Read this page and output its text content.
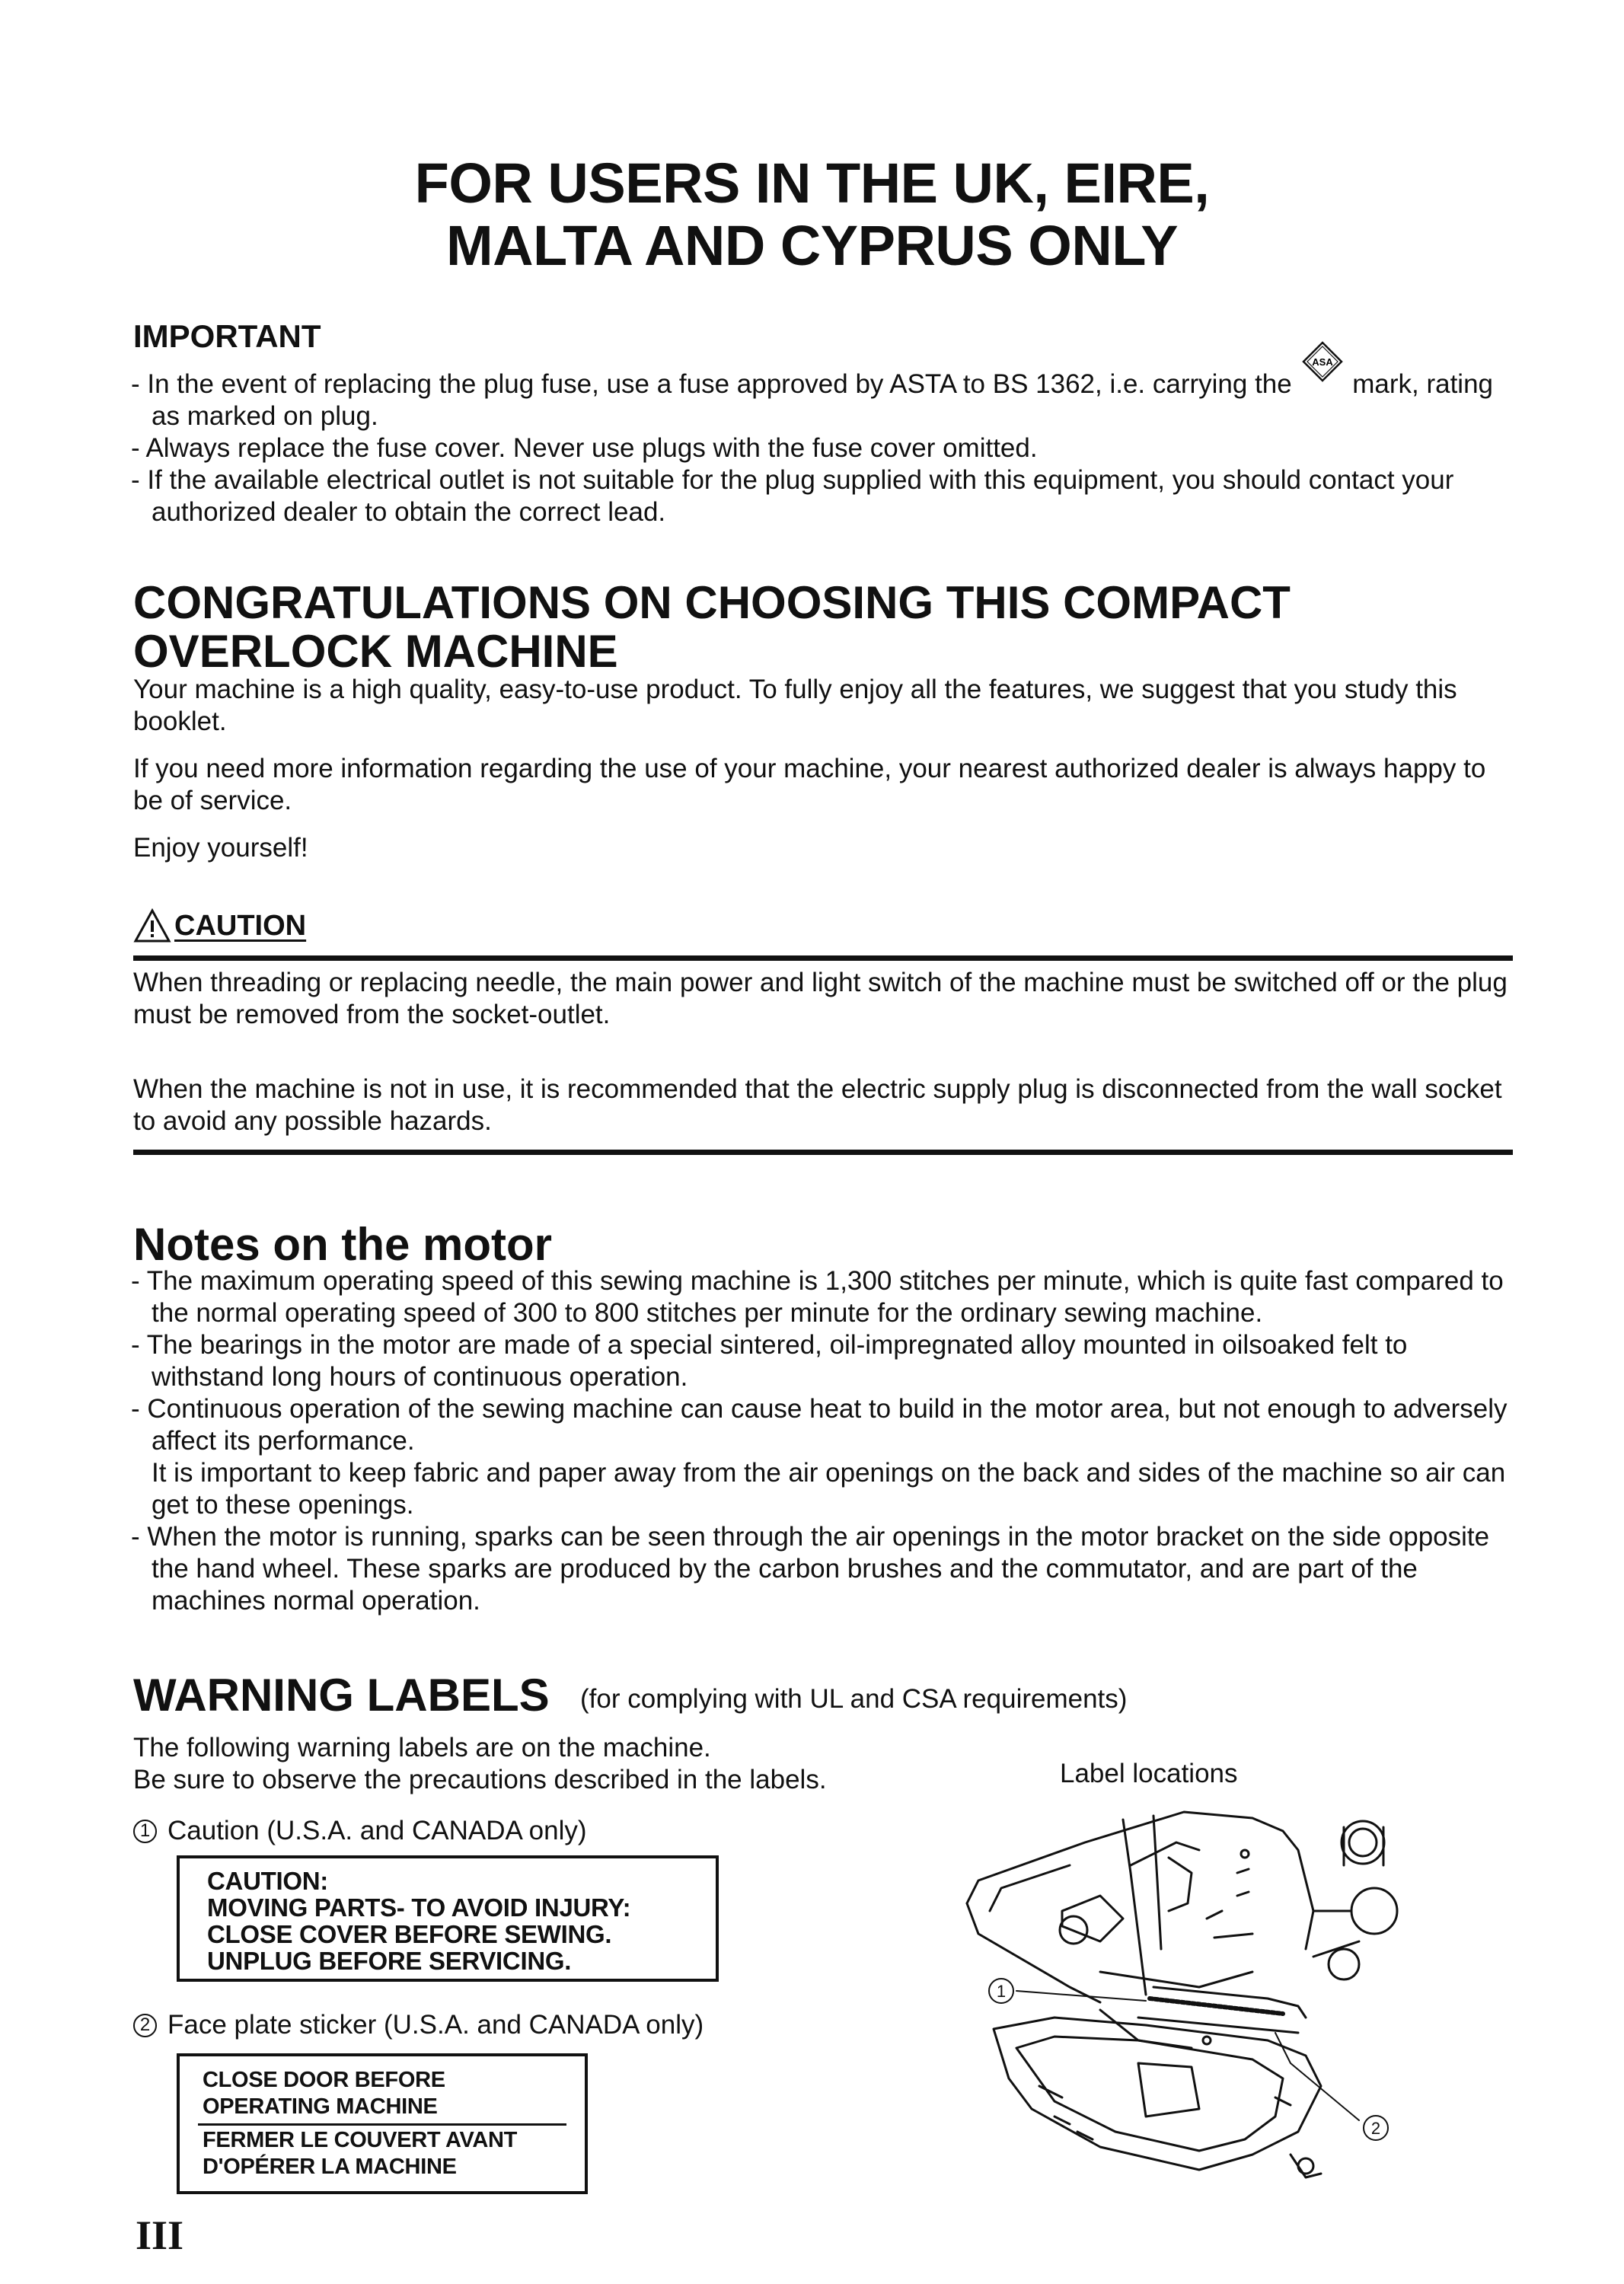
FOR USERS IN THE UK, EIRE,
MALTA AND CYPRUS ONLY
IMPORTANT
- In the event of replacing the plug fuse, use a fuse approved by ASTA to BS 1362, i.e. carrying the
ASA
mark, rating as marked on plug.
- Always replace the fuse cover. Never use plugs with the fuse cover omitted.
- If the available electrical outlet is not suitable for the plug supplied with this equipment, you should contact your authorized dealer to obtain the correct lead.
CONGRATULATIONS ON CHOOSING THIS COMPACT
OVERLOCK MACHINE

Your machine is a high quality, easy-to-use product. To fully enjoy all the features, we suggest that you study this booklet.

If you need more information regarding the use of your machine, your nearest authorized dealer is always happy to be of service.

Enjoy yourself!

CAUTION
When threading or replacing needle, the main power and light switch of the machine must be switched off or the plug must be removed from the socket-outlet.
When the machine is not in use, it is recommended that the electric supply plug is disconnected from the wall socket to avoid any possible hazards.
Notes on the motor
- The maximum operating speed of this sewing machine is 1,300 stitches per minute, which is quite fast compared to the normal operating speed of 300 to 800 stitches per minute for the ordinary sewing machine.
- The bearings in the motor are made of a special sintered, oil-impregnated alloy mounted in oilsoaked felt to withstand long hours of continuous operation.
- Continuous operation of the sewing machine can cause heat to build in the motor area, but not enough to adversely affect its performance.
It is important to keep fabric and paper away from the air openings on the back and sides of the machine so air can get to these openings.
- When the motor is running, sparks can be seen through the air openings in the motor bracket on the side opposite the hand wheel. These sparks are produced by the carbon brushes and the commutator, and are part of the machines normal operation.
WARNING LABELS (for complying with UL and CSA requirements)
The following warning labels are on the machine.
Be sure to observe the precautions described in the labels.	Label locations
1 Caution (U.S.A. and CANADA only)
CAUTION:
MOVING PARTS- TO AVOID INJURY:
CLOSE COVER BEFORE SEWING.
UNPLUG BEFORE SERVICING.
2 Face plate sticker (U.S.A. and CANADA only)
CLOSE DOOR BEFORE
OPERATING MACHINE
FERMER LE COUVERT AVANT
D'OPÉRER LA MACHINE
1
2
III
